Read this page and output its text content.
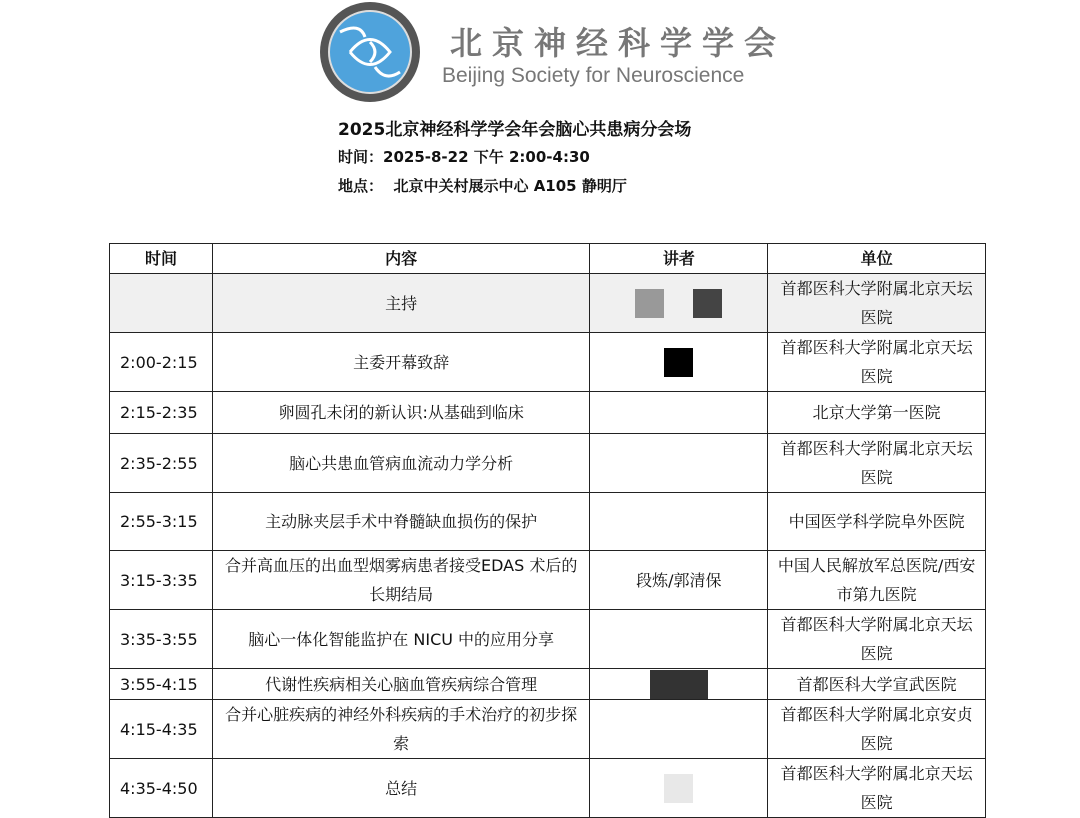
北京神经科学学会
Beijing Society for Neuroscience
2025北京神经科学学会年会脑心共患病分会场
时间：2025-8-22 下午 2:00-4:30
地点： 北京中关村展示中心 A105 静明厅
时间	内容	讲者	单位
	主持		首都医科大学附属北京天坛医院
2:00-2:15	主委开幕致辞		首都医科大学附属北京天坛医院
2:15-2:35	卵圆孔未闭的新认识:从基础到临床		北京大学第一医院
2:35-2:55	脑心共患血管病血流动力学分析		首都医科大学附属北京天坛医院
2:55-3:15	主动脉夹层手术中脊髓缺血损伤的保护		中国医学科学院阜外医院
3:15-3:35	合并高血压的出血型烟雾病患者接受EDAS 术后的长期结局	段炼/郭清保	中国人民解放军总医院/西安市第九医院
3:35-3:55	脑心一体化智能监护在 NICU 中的应用分享		首都医科大学附属北京天坛医院
3:55-4:15	代谢性疾病相关心脑血管疾病综合管理		首都医科大学宣武医院
4:15-4:35	合并心脏疾病的神经外科疾病的手术治疗的初步探索		首都医科大学附属北京安贞医院
4:35-4:50	总结		首都医科大学附属北京天坛医院
